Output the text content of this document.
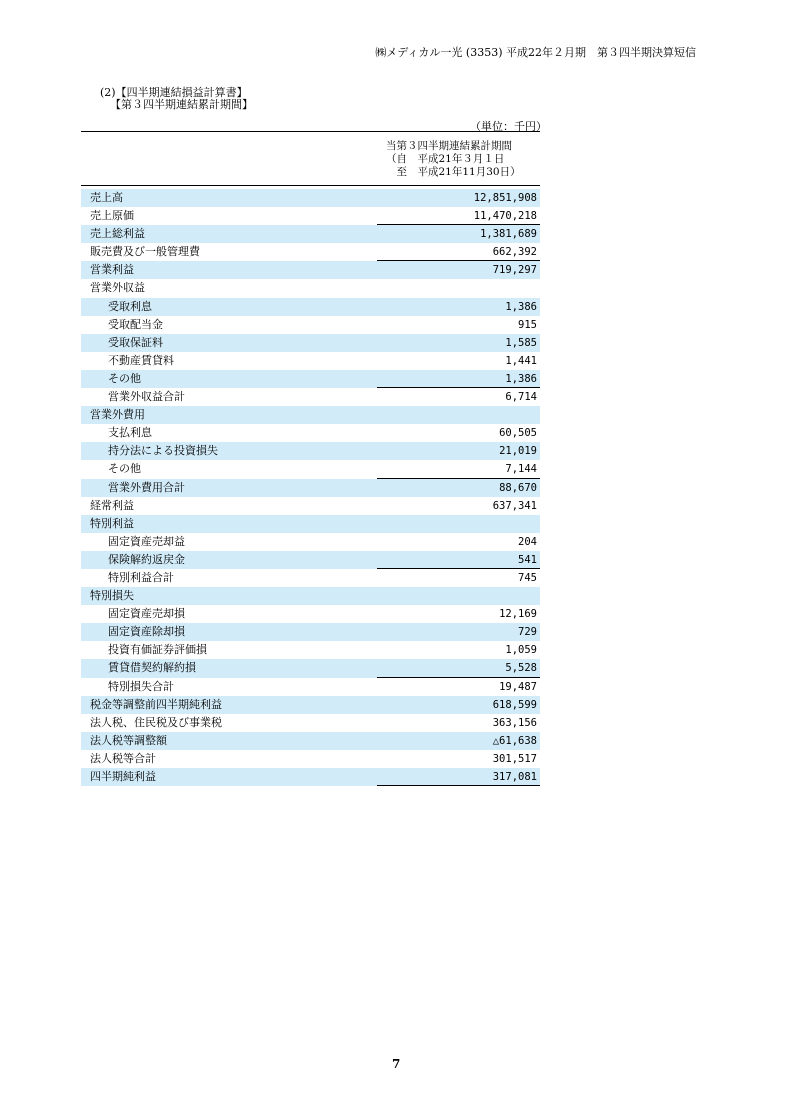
㈱メディカル一光 (3353) 平成22年２月期　第３四半期決算短信
(2)【四半期連結損益計算書】
【第３四半期連結累計期間】
（単位：千円）
当第３四半期連結累計期間
（自　平成21年３月１日
　至　平成21年11月30日）
売上高	12,851,908
売上原価	11,470,218
売上総利益	1,381,689
販売費及び一般管理費	662,392
営業利益	719,297
営業外収益
受取利息	1,386
受取配当金	915
受取保証料	1,585
不動産賃貸料	1,441
その他	1,386
営業外収益合計	6,714
営業外費用
支払利息	60,505
持分法による投資損失	21,019
その他	7,144
営業外費用合計	88,670
経常利益	637,341
特別利益
固定資産売却益	204
保険解約返戻金	541
特別利益合計	745
特別損失
固定資産売却損	12,169
固定資産除却損	729
投資有価証券評価損	1,059
賃貸借契約解約損	5,528
特別損失合計	19,487
税金等調整前四半期純利益	618,599
法人税、住民税及び事業税	363,156
法人税等調整額	△61,638
法人税等合計	301,517
四半期純利益	317,081
7
